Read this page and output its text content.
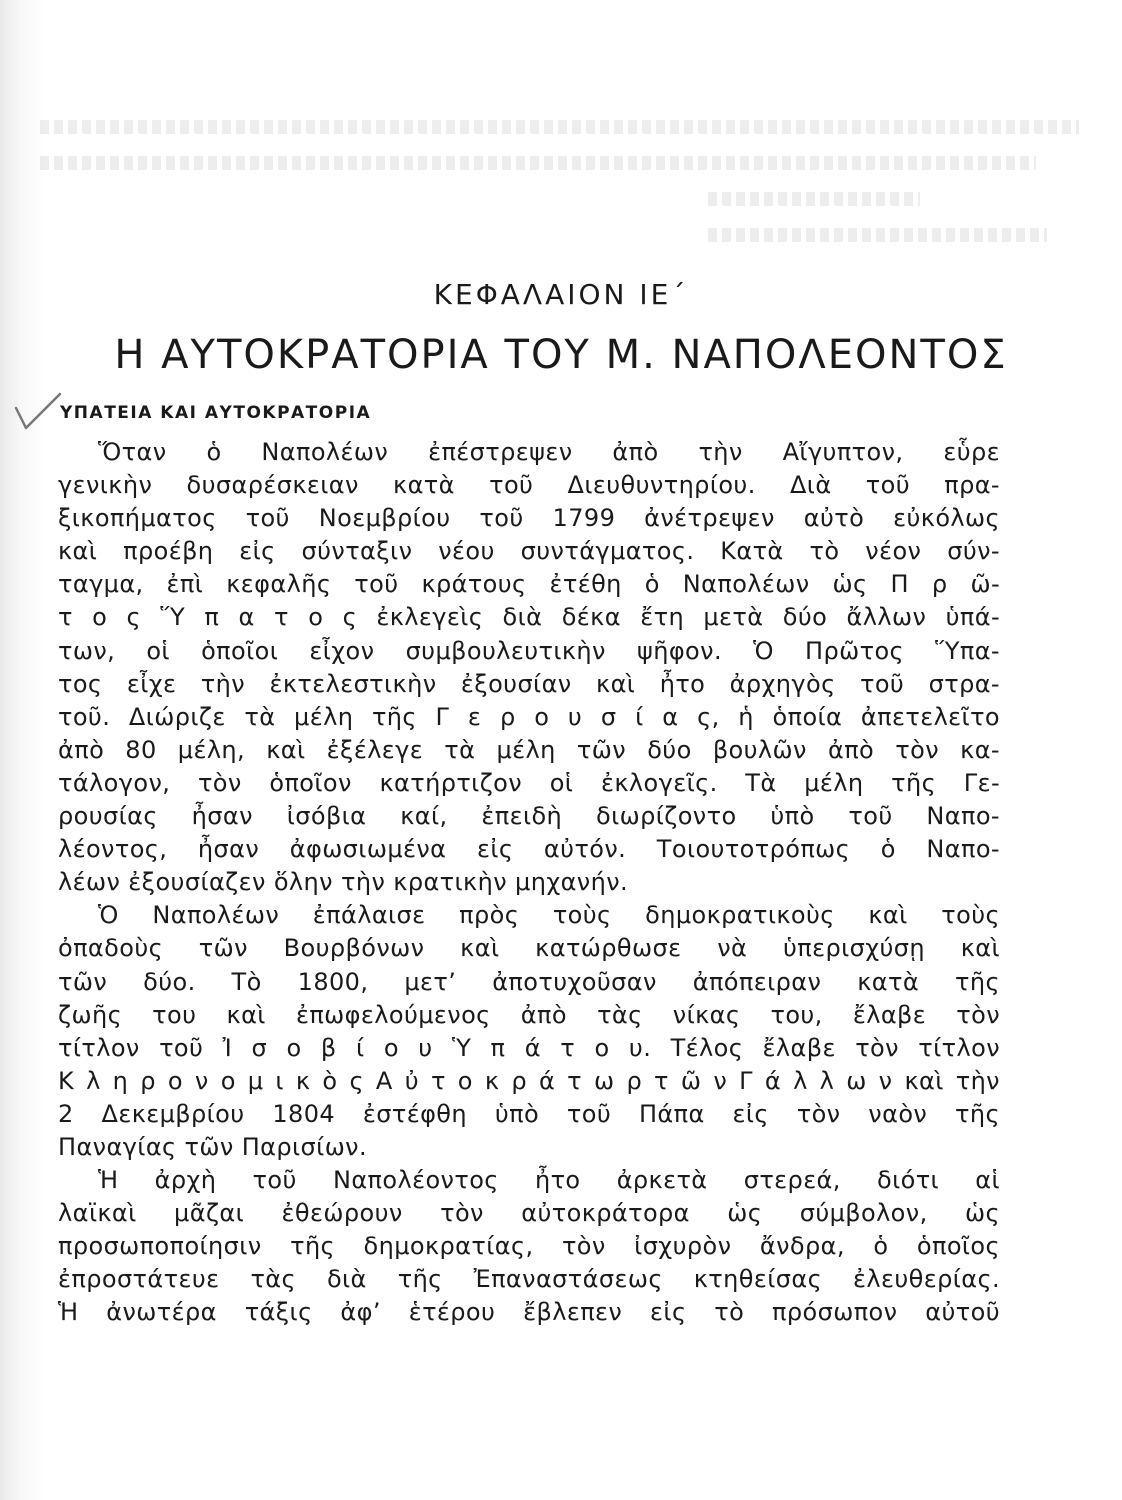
ΚΕΦΑΛΑΙΟΝ ΙΕ΄
Η ΑΥΤΟΚΡΑΤΟΡΙΑ ΤΟΥ Μ. ΝΑΠΟΛΕΟΝΤΟΣ
ΥΠΑΤΕΙΑ ΚΑΙ ΑΥΤΟΚΡΑΤΟΡΙΑ
Ὅταν ὁ Ναπολέων ἐπέστρεψεν ἀπὸ τὴν Αἴγυπτον, εὗρε
γενικὴν δυσαρέσκειαν κατὰ τοῦ Διευθυντηρίου. Διὰ τοῦ πρα-
ξικοπήματος τοῦ Νοεμβρίου τοῦ 1799 ἀνέτρεψεν αὐτὸ εὐκόλως
καὶ προέβη εἰς σύνταξιν νέου συντάγματος. Κατὰ τὸ νέον σύν-
ταγμα, ἐπὶ κεφαλῆς τοῦ κράτους ἐτέθη ὁ Ναπολέων ὡς Π ρ ῶ-
τ ο ς Ὕ π α τ ο ς ἐκλεγεὶς διὰ δέκα ἔτη μετὰ δύο ἄλλων ὑπά-
των, οἱ ὁποῖοι εἶχον συμβουλευτικὴν ψῆφον. Ὁ Πρῶτος Ὕπα-
τος εἶχε τὴν ἐκτελεστικὴν ἐξουσίαν καὶ ἦτο ἀρχηγὸς τοῦ στρα-
τοῦ. Διώριζε τὰ μέλη τῆς Γ ε ρ ο υ σ ί α ς, ἡ ὁποία ἀπετελεῖτο
ἀπὸ 80 μέλη, καὶ ἐξέλεγε τὰ μέλη τῶν δύο βουλῶν ἀπὸ τὸν κα-
τάλογον, τὸν ὁποῖον κατήρτιζον οἱ ἐκλογεῖς. Τὰ μέλη τῆς Γε-
ρουσίας ἦσαν ἰσόβια καί, ἐπειδὴ διωρίζοντο ὑπὸ τοῦ Ναπο-
λέοντος, ἦσαν ἀφωσιωμένα εἰς αὐτόν. Τοιουτοτρόπως ὁ Ναπο-
λέων ἐξουσίαζεν ὅλην τὴν κρατικὴν μηχανήν.
Ὁ Ναπολέων ἐπάλαισε πρὸς τοὺς δημοκρατικοὺς καὶ τοὺς
ὀπαδοὺς τῶν Βουρβόνων καὶ κατώρθωσε νὰ ὑπερισχύσῃ καὶ
τῶν δύο. Τὸ 1800, μετ’ ἀποτυχοῦσαν ἀπόπειραν κατὰ τῆς
ζωῆς του καὶ ἐπωφελούμενος ἀπὸ τὰς νίκας του, ἔλαβε τὸν
τίτλον τοῦ Ἰ σ ο β ί ο υ Ὑ π ά τ ο υ. Τέλος ἔλαβε τὸν τίτλον
Κ λ η ρ ο ν ο μ ι κ ὸ ς Α ὐ τ ο κ ρ ά τ ω ρ τ ῶ ν Γ ά λ λ ω ν καὶ τὴν
2 Δεκεμβρίου 1804 ἐστέφθη ὑπὸ τοῦ Πάπα εἰς τὸν ναὸν τῆς
Παναγίας τῶν Παρισίων.
Ἡ ἀρχὴ τοῦ Ναπολέοντος ἦτο ἀρκετὰ στερεά, διότι αἱ
λαϊκαὶ μᾶζαι ἐθεώρουν τὸν αὐτοκράτορα ὡς σύμβολον, ὡς
προσωποποίησιν τῆς δημοκρατίας, τὸν ἰσχυρὸν ἄνδρα, ὁ ὁποῖος
ἐπροστάτευε τὰς διὰ τῆς Ἐπαναστάσεως κτηθείσας ἐλευθερίας.
Ἡ ἀνωτέρα τάξις ἀφ’ ἑτέρου ἔβλεπεν εἰς τὸ πρόσωπον αὐτοῦ
